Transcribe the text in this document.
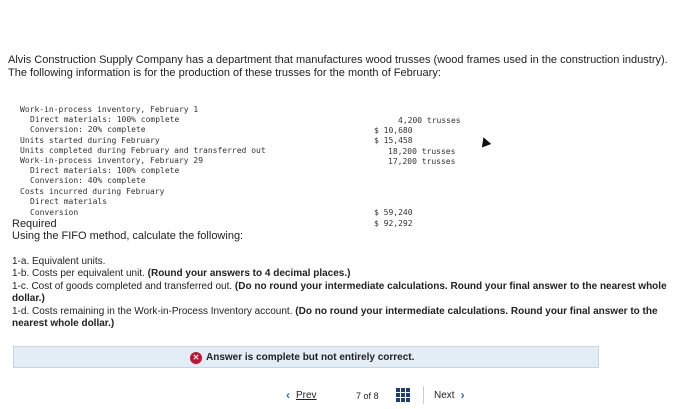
Alvis Construction Supply Company has a department that manufactures wood trusses (wood frames used in the construction industry). The following information is for the production of these trusses for the month of February:

Work-in-process inventory, February 1

4,200 trusses

Direct materials: 100% complete

$ 10,680

Conversion: 20% complete

$ 15,458

Units started during February

18,200 trusses

Units completed during February and transferred out

17,200 trusses

Work-in-process inventory, February 29

Direct materials: 100% complete

Conversion: 40% complete

Costs incurred during February

Direct materials

$ 59,240

Conversion

$ 92,292

Required
Using the FIFO method, calculate the following:
1-a. Equivalent units.
1-b. Costs per equivalent unit. (Round your answers to 4 decimal places.)
1-c. Cost of goods completed and transferred out. (Do no round your intermediate calculations. Round your final answer to the nearest whole dollar.)
1-d. Costs remaining in the Work-in-Process Inventory account. (Do no round your intermediate calculations. Round your final answer to the nearest whole dollar.)
✕ Answer is complete but not entirely correct.
‹ Prev	7 of 8	Next ›
